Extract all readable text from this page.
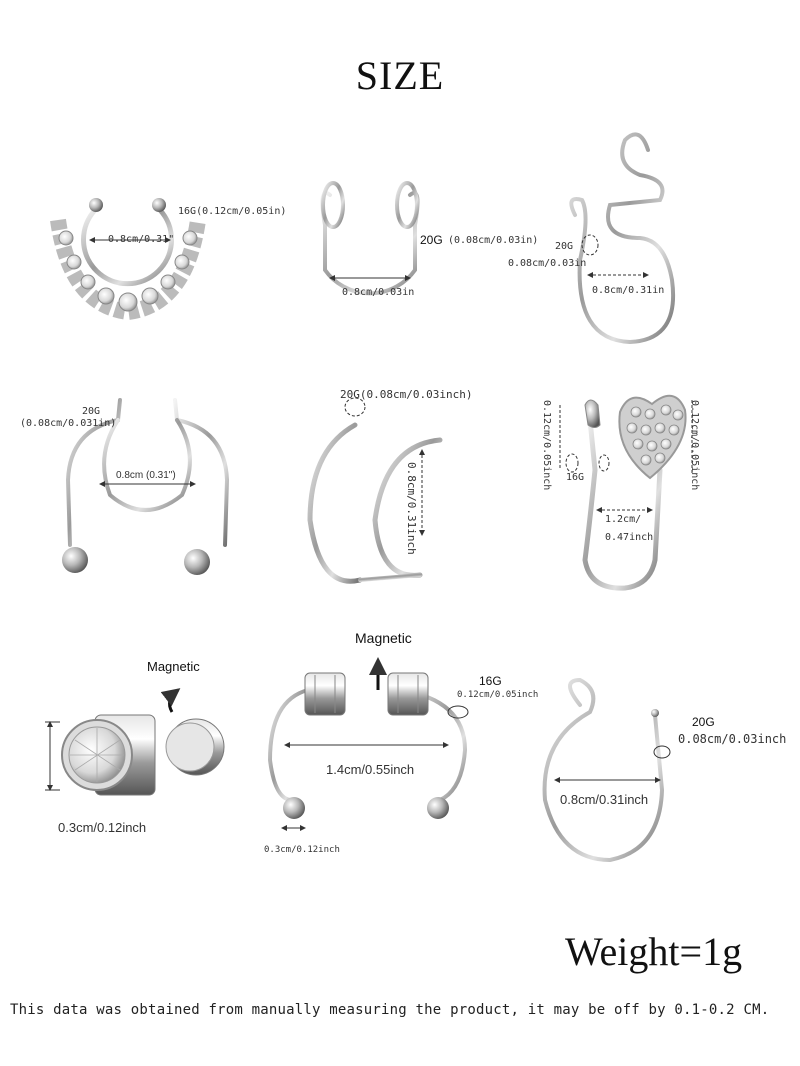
SIZE
16G(0.12cm/0.05in)
0.8cm/0.31"	20G (0.08cm/0.03in)
0.8cm/0.03in
20G
0.08cm/0.03in
0.8cm/0.31in
20G
(0.08cm/0.031in)
0.8cm (0.31")
20G(0.08cm/0.03inch)
0.8cm/0.31inch
0.12cm/0.05inch	0.12cm/0.05inch
16G
1.2cm/
0.47inch
Magnetic
0.3cm/0.12inch
Magnetic
16G
0.12cm/0.05inch
1.4cm/0.55inch
0.3cm/0.12inch
20G
0.08cm/0.03inch
0.8cm/0.31inch
Weight=1g
This data was obtained from manually measuring the product, it may be off by 0.1-0.2 CM.
